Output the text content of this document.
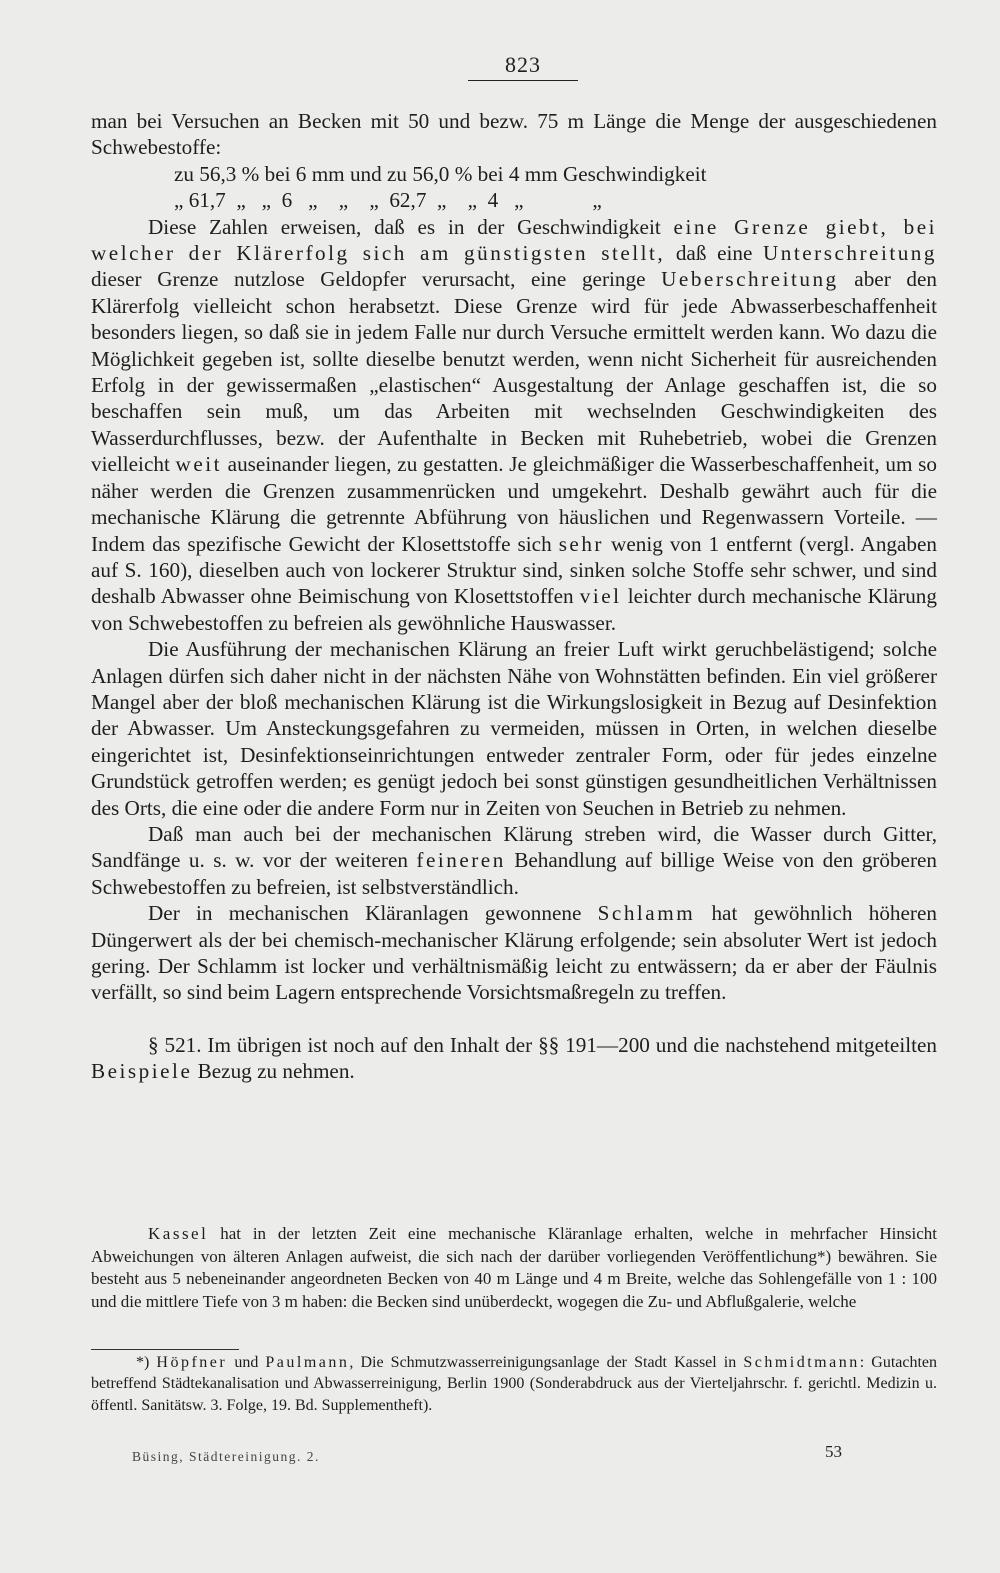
823

man bei Versuchen an Becken mit 50 und bezw. 75 m Länge die Menge der ausgeschiedenen Schwebestoffe:

zu 56,3 % bei 6 mm und zu 56,0 % bei 4 mm Geschwindigkeit

„ 61,7  „   „  6   „    „    „  62,7  „    „  4   „             „

Diese Zahlen erweisen, daß es in der Geschwindigkeit eine Grenze giebt, bei welcher der Klärerfolg sich am günstigsten stellt, daß eine Unterschreitung dieser Grenze nutzlose Geldopfer verursacht, eine geringe Ueberschreitung aber den Klärerfolg vielleicht schon herabsetzt. Diese Grenze wird für jede Abwasserbeschaffenheit besonders liegen, so daß sie in jedem Falle nur durch Versuche ermittelt werden kann. Wo dazu die Möglichkeit gegeben ist, sollte dieselbe benutzt werden, wenn nicht Sicherheit für ausreichenden Erfolg in der gewissermaßen „elastischen“ Ausgestaltung der Anlage geschaffen ist, die so beschaffen sein muß, um das Arbeiten mit wechselnden Geschwindigkeiten des Wasserdurchflusses, bezw. der Aufenthalte in Becken mit Ruhebetrieb, wobei die Grenzen vielleicht weit auseinander liegen, zu gestatten. Je gleichmäßiger die Wasserbeschaffenheit, um so näher werden die Grenzen zusammenrücken und umgekehrt. Deshalb gewährt auch für die mechanische Klärung die getrennte Abführung von häuslichen und Regenwassern Vorteile. — Indem das spezifische Gewicht der Klosettstoffe sich sehr wenig von 1 entfernt (vergl. Angaben auf S. 160), dieselben auch von lockerer Struktur sind, sinken solche Stoffe sehr schwer, und sind deshalb Abwasser ohne Beimischung von Klosettstoffen viel leichter durch mechanische Klärung von Schwebestoffen zu befreien als gewöhnliche Hauswasser.

Die Ausführung der mechanischen Klärung an freier Luft wirkt geruchbelästigend; solche Anlagen dürfen sich daher nicht in der nächsten Nähe von Wohnstätten befinden. Ein viel größerer Mangel aber der bloß mechanischen Klärung ist die Wirkungslosigkeit in Bezug auf Desinfektion der Abwasser. Um Ansteckungsgefahren zu vermeiden, müssen in Orten, in welchen dieselbe eingerichtet ist, Desinfektionseinrichtungen entweder zentraler Form, oder für jedes einzelne Grundstück getroffen werden; es genügt jedoch bei sonst günstigen gesundheitlichen Verhältnissen des Orts, die eine oder die andere Form nur in Zeiten von Seuchen in Betrieb zu nehmen.

Daß man auch bei der mechanischen Klärung streben wird, die Wasser durch Gitter, Sandfänge u. s. w. vor der weiteren feineren Behandlung auf billige Weise von den gröberen Schwebestoffen zu befreien, ist selbstverständlich.

Der in mechanischen Kläranlagen gewonnene Schlamm hat gewöhnlich höheren Düngerwert als der bei chemisch-mechanischer Klärung erfolgende; sein absoluter Wert ist jedoch gering. Der Schlamm ist locker und verhältnismäßig leicht zu entwässern; da er aber der Fäulnis verfällt, so sind beim Lagern entsprechende Vorsichtsmaßregeln zu treffen.

§ 521. Im übrigen ist noch auf den Inhalt der §§ 191—200 und die nachstehend mitgeteilten Beispiele Bezug zu nehmen.

Kassel hat in der letzten Zeit eine mechanische Kläranlage erhalten, welche in mehrfacher Hinsicht Abweichungen von älteren Anlagen aufweist, die sich nach der darüber vorliegenden Veröffentlichung*) bewähren. Sie besteht aus 5 nebeneinander angeordneten Becken von 40 m Länge und 4 m Breite, welche das Sohlengefälle von 1 : 100 und die mittlere Tiefe von 3 m haben: die Becken sind unüberdeckt, wogegen die Zu- und Abflußgalerie, welche

*) Höpfner und Paulmann, Die Schmutzwasserreinigungsanlage der Stadt Kassel in Schmidtmann: Gutachten betreffend Städtekanalisation und Abwasserreinigung, Berlin 1900 (Sonderabdruck aus der Vierteljahrschr. f. gerichtl. Medizin u. öffentl. Sanitätsw. 3. Folge, 19. Bd. Supplementheft).

Büsing, Städtereinigung. 2.	53
